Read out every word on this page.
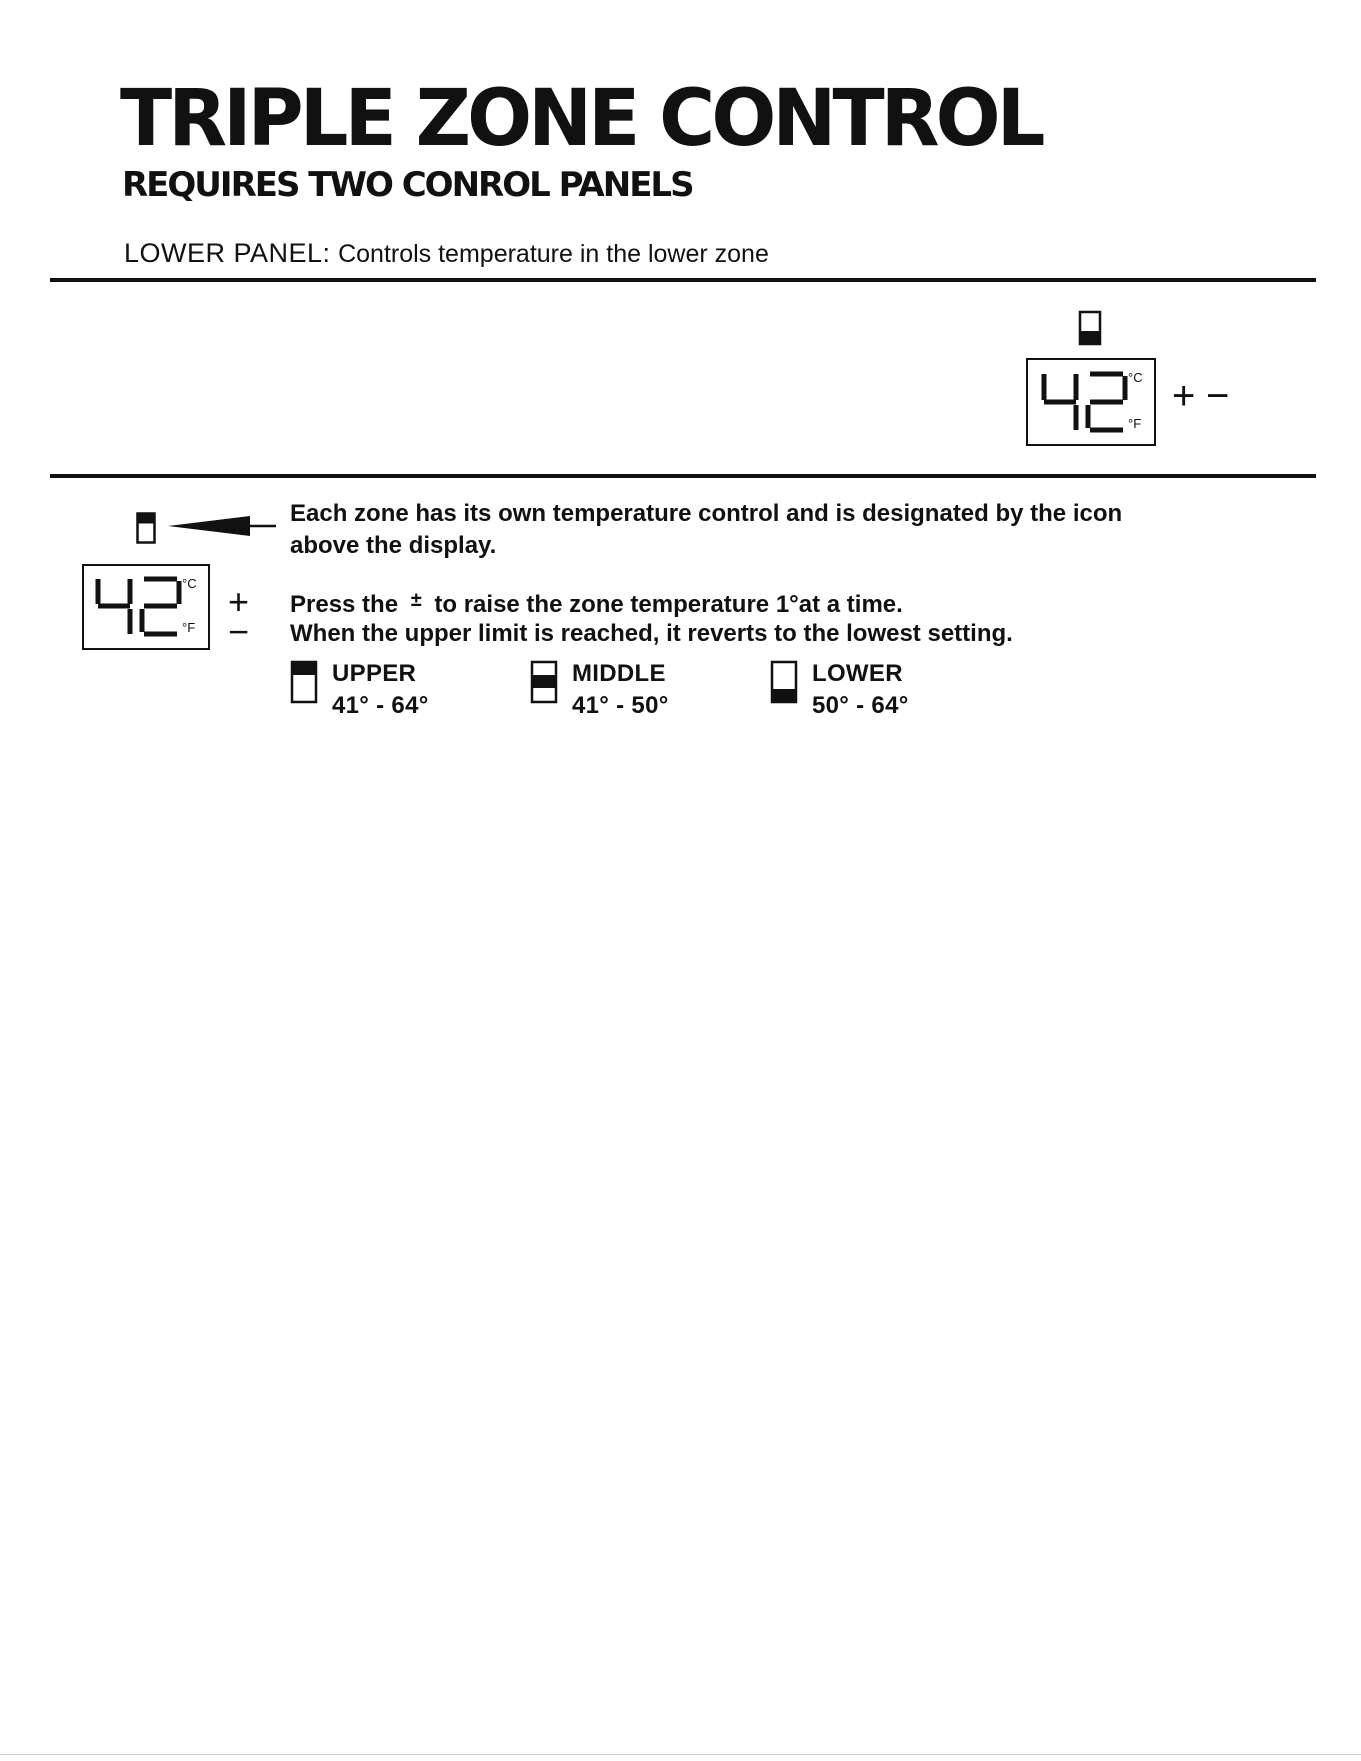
TRIPLE ZONE CONTROL
REQUIRES TWO CONROL PANELS
LOWER PANEL: Controls temperature in the lower zone
°C
°F
+ −
°C
°F
+
−
Each zone has its own temperature control and is designated by the icon
above the display.
Press the ± to raise the zone temperature 1°at a time.
When the upper limit is reached, it reverts to the lowest setting.
UPPER
41° - 64°
MIDDLE
41° - 50°
LOWER
50° - 64°
